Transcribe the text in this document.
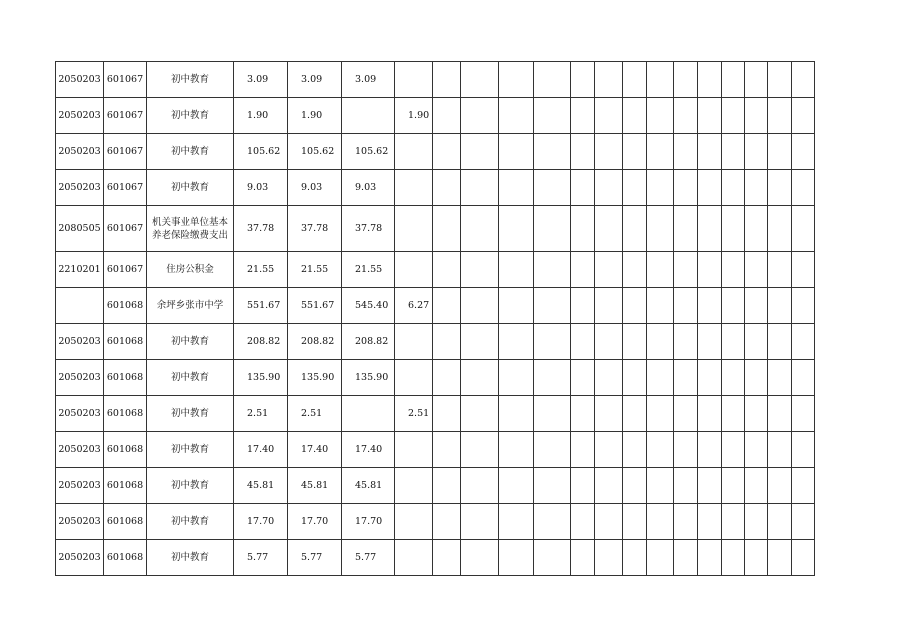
2050203	601067	初中教育	3.09	3.09	3.09															
2050203	601067	初中教育	1.90	1.90		1.90														
2050203	601067	初中教育	105.62	105.62	105.62															
2050203	601067	初中教育	9.03	9.03	9.03															
2080505	601067	机关事业单位基本养老保险缴费支出	37.78	37.78	37.78															
2210201	601067	住房公积金	21.55	21.55	21.55															
	601068	余坪乡张市中学	551.67	551.67	545.40	6.27														
2050203	601068	初中教育	208.82	208.82	208.82															
2050203	601068	初中教育	135.90	135.90	135.90															
2050203	601068	初中教育	2.51	2.51		2.51														
2050203	601068	初中教育	17.40	17.40	17.40															
2050203	601068	初中教育	45.81	45.81	45.81															
2050203	601068	初中教育	17.70	17.70	17.70															
2050203	601068	初中教育	5.77	5.77	5.77															
